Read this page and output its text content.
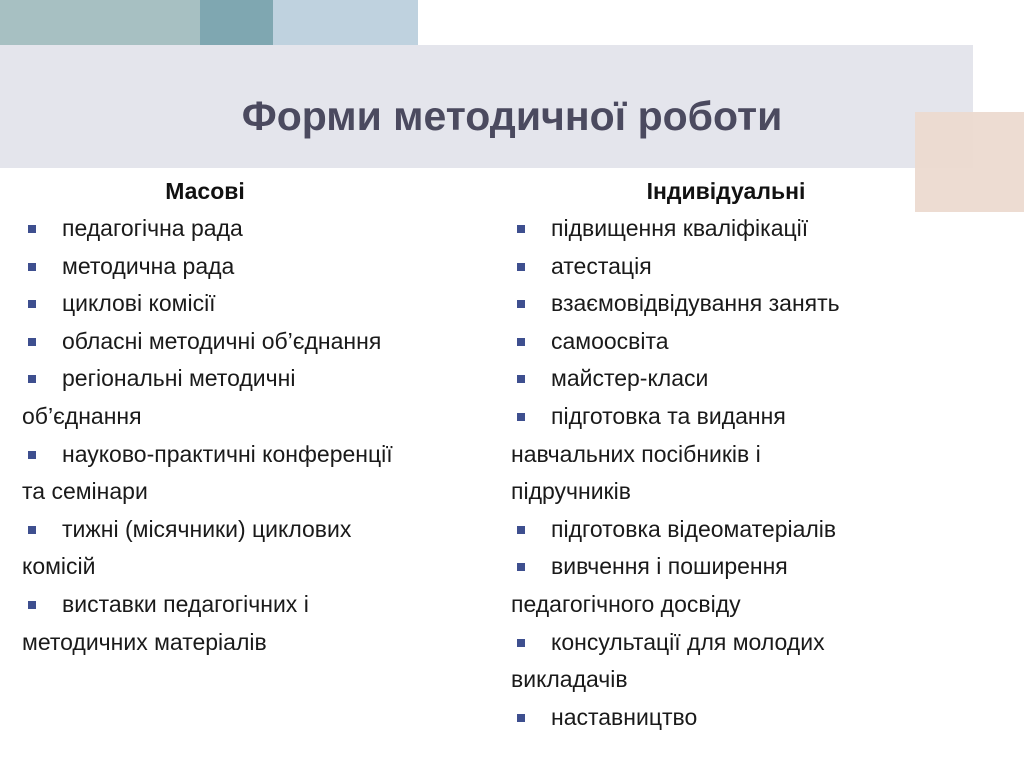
Форми методичної роботи
Масові
педагогічна рада
методична рада
циклові комісії
обласні методичні об’єднання
регіональні методичні
об’єднання
науково-практичні конференції
та семінари
тижні (місячники) циклових
комісій
виставки педагогічних і
методичних матеріалів
Індивідуальні
підвищення кваліфікації
атестація
взаємовідвідування занять
самоосвіта
майстер-класи
підготовка та видання
навчальних посібників і
підручників
підготовка відеоматеріалів
вивчення і поширення
педагогічного досвіду
консультації для молодих
викладачів
наставництво
